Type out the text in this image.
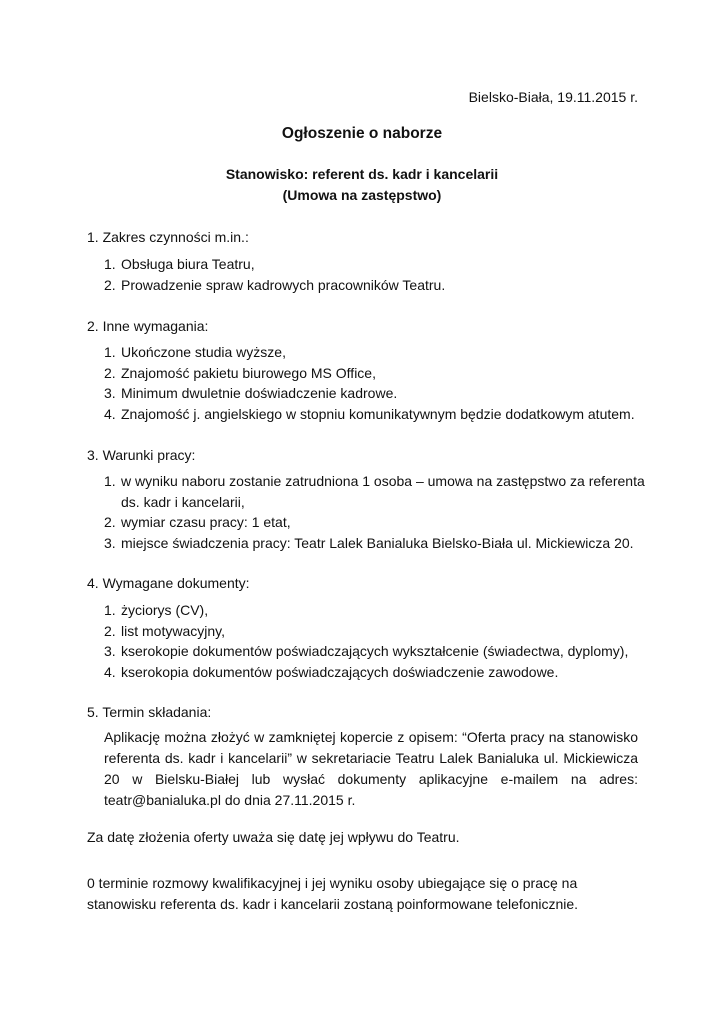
Bielsko-Biała, 19.11.2015 r.
Ogłoszenie o naborze
Stanowisko: referent ds. kadr i kancelarii
(Umowa na zastępstwo)
1. Zakres czynności m.in.:
1. Obsługa biura Teatru,
2. Prowadzenie spraw kadrowych pracowników Teatru.
2. Inne wymagania:
1. Ukończone studia wyższe,
2. Znajomość pakietu biurowego MS Office,
3. Minimum dwuletnie doświadczenie kadrowe.
4. Znajomość j. angielskiego w stopniu komunikatywnym będzie dodatkowym atutem.
3. Warunki pracy:
1.w wyniku naboru zostanie zatrudniona 1 osoba – umowa na zastępstwo za referenta
ds. kadr i kancelarii,
2. wymiar czasu pracy: 1 etat,
3. miejsce świadczenia pracy: Teatr Lalek Banialuka Bielsko-Biała ul. Mickiewicza 20.
4. Wymagane dokumenty:
1. życiorys (CV),
2. list motywacyjny,
3. kserokopie dokumentów poświadczających wykształcenie (świadectwa, dyplomy),
4. kserokopia dokumentów poświadczających doświadczenie zawodowe.
5. Termin składania:
Aplikację można złożyć w zamkniętej kopercie z opisem: “Oferta pracy na stanowisko referenta ds. kadr i kancelarii” w sekretariacie Teatru Lalek Banialuka ul. Mickiewicza 20 w Bielsku-Białej lub wysłać dokumenty aplikacyjne e-mailem na adres: teatr@banialuka.pl do dnia 27.11.2015 r.
Za datę złożenia oferty uważa się datę jej wpływu do Teatru.
0 terminie rozmowy kwalifikacyjnej i jej wyniku osoby ubiegające się o pracę na stanowisku referenta ds. kadr i kancelarii zostaną poinformowane telefonicznie.
